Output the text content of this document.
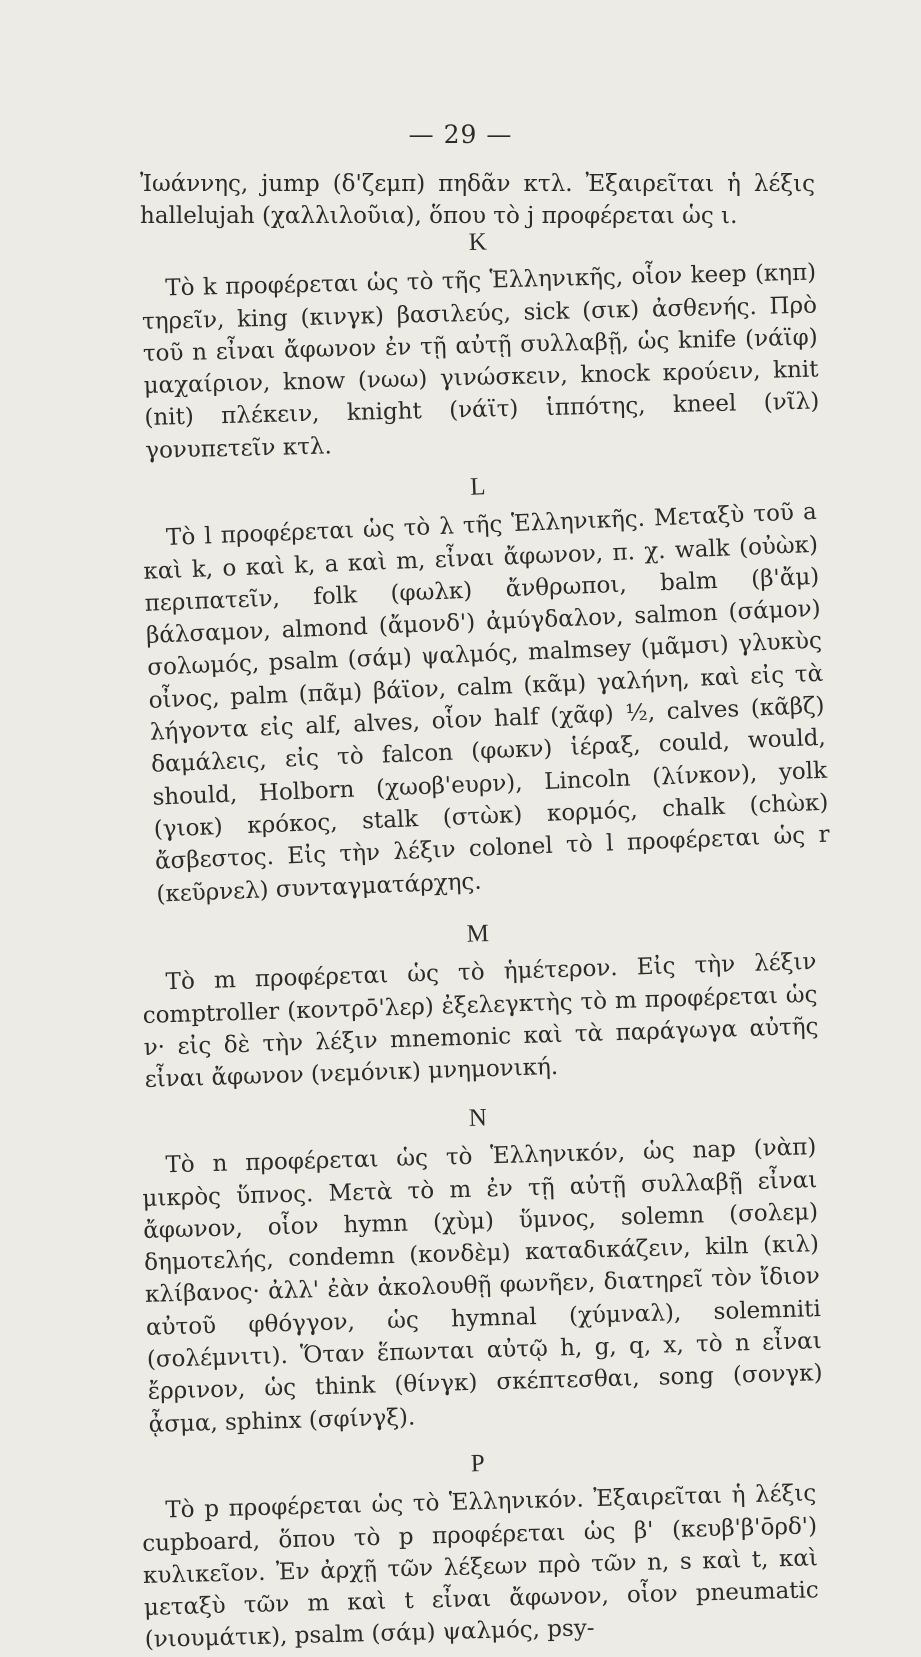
— 29 —

Ἰωάννης, jump (δ'ζεμπ) πηδᾶν κτλ. Ἐξαιρεῖται ἡ λέξις hallelujah (χαλλιλοῦια), ὅπου τὸ j προφέρεται ὡς ι.

K

Τὸ k προφέρεται ὡς τὸ τῆς Ἑλληνικῆς, οἷον keep (κηπ) τηρεῖν, king (κινγκ) βασιλεύς, sick (σικ) ἀσθενής. Πρὸ τοῦ n εἶναι ἄφωνον ἐν τῇ αὐτῇ συλλαβῇ, ὡς knife (νάϊφ) μαχαίριον, know (νωω) γινώσκειν, knock κρούειν, knit (nit) πλέκειν, knight (νάϊτ) ἱππότης, kneel (νῖλ) γονυπετεῖν κτλ.

L

Τὸ l προφέρεται ὡς τὸ λ τῆς Ἑλληνικῆς. Μεταξὺ τοῦ a καὶ k, o καὶ k, a καὶ m, εἶναι ἄφωνον, π. χ. walk (οὐὼκ) περιπατεῖν, folk (φωλκ) ἄνθρωποι, balm (β'ἄμ) βάλσαμον, almond (ἄμονδ') ἀμύγδαλον, salmon (σάμον) σολωμός, psalm (σάμ) ψαλμός, malmsey (μᾶμσι) γλυκὺς οἶνος, palm (πᾶμ) βάϊον, calm (κᾶμ) γαλήνη, καὶ εἰς τὰ λήγοντα εἰς alf, alves, οἷον half (χᾶφ) ½, calves (κᾶβζ) δαμάλεις, εἰς τὸ falcon (φωκν) ἱέραξ, could, would, should, Holborn (χωοβ'eυρν), Lincoln (λίνκον), yolk (γιοκ) κρόκος, stalk (στὼκ) κορμός, chalk (chὼκ) ἄσβεστος. Εἰς τὴν λέξιν colonel τὸ l προφέρεται ὡς r (κεῦρνελ) συνταγματάρχης.

M

Τὸ m προφέρεται ὡς τὸ ἡμέτερον. Εἰς τὴν λέξιν comptroller (κοντρō'λερ) ἐξελεγκτὴς τὸ m προφέρεται ὡς ν· εἰς δὲ τὴν λέξιν mnemonic καὶ τὰ παράγωγα αὐτῆς εἶναι ἄφωνον (νεμόνικ) μνημονική.

N

Τὸ n προφέρεται ὡς τὸ Ἑλληνικόν, ὡς nap (νὰπ) μικρὸς ὕπνος. Μετὰ τὸ m ἐν τῇ αὐτῇ συλλαβῇ εἶναι ἄφωνον, οἷον hymn (χὺμ) ὕμνος, solemn (σολεμ) δημοτελής, condemn (κονδὲμ) καταδικάζειν, kiln (κιλ) κλίβανος· ἀλλ' ἐὰν ἀκολουθῇ φωνῆεν, διατηρεῖ τὸν ἴδιον αὐτοῦ φθόγγον, ὡς hymnal (χύμναλ), solemniti (σολέμνιτι). Ὅταν ἕπωνται αὐτῷ h, g, q, x, τὸ n εἶναι ἔρρινον, ὡς think (θίνγκ) σκέπτεσθαι, song (σονγκ) ᾆσμα, sphinx (σφίνγξ).

P

Τὸ p προφέρεται ὡς τὸ Ἑλληνικόν. Ἐξαιρεῖται ἡ λέξις cupboard, ὅπου τὸ p προφέρεται ὡς β' (κευβ'β'ōρδ') κυλικεῖον. Ἐν ἀρχῇ τῶν λέξεων πρὸ τῶν n, s καὶ t, καὶ μεταξὺ τῶν m καὶ t εἶναι ἄφωνον, οἷον pneumatic (νιουμάτικ), psalm (σάμ) ψαλμός, psy-
